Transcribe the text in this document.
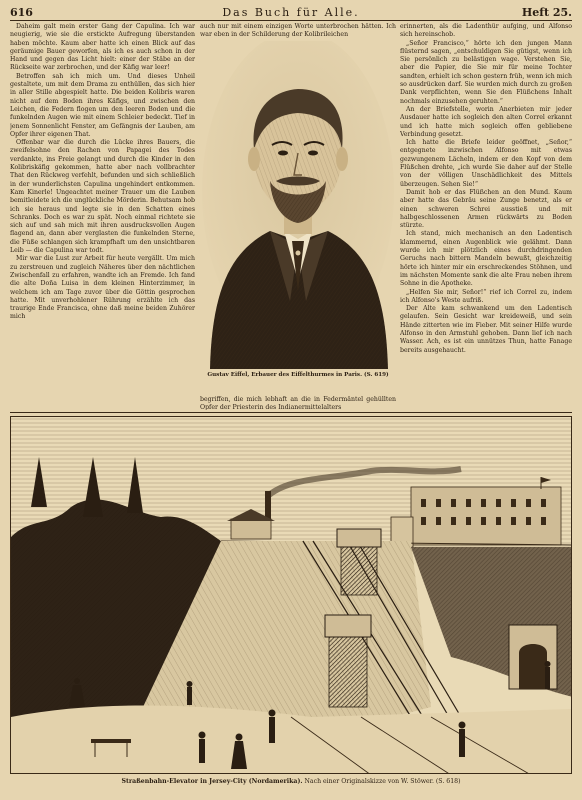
616	Das Buch für Alle.	Heft 25.

Daheim galt mein erster Gang der Capulina. Ich war neugierig, wie sie die erstickte Aufregung überstanden haben möchte. Kaum aber hatte ich einen Blick auf das geräumige Bauer geworfen, als ich es auch schon in der Hand und gegen das Licht hielt: einer der Stäbe an der Rückseite war zerbrochen, und der Käfig war leer!

Betroffen sah ich mich um. Und dieses Unheil gestaltete, um mit dem Drama zu enthüllen, das sich hier in aller Stille abgespielt hatte. Die beiden Kolibris waren nicht auf dem Boden ihres Käfigs, und zwischen den Leichen, die Federn flogen um den leeren Boden und die funkelnden Augen wie mit einem Schleier bedeckt. Tief in jenem Sonnenlicht Fenster, am Gefängnis der Lauben, am Opfer ihrer eigenen That.

Offenbar war die durch die Lücke ihres Bauers, die zweifelsohne den Rachen von Papagei des Todes verdankte, ins Freie gelangt und durch die Kinder in den Kolibriskäfig gekommen, hatte aber nach vollbrachter That den Rückweg verfehlt, befunden und sich schließlich in der wunderlichsten Capulina ungehindert entkommen. Kam Kinerle! Ungeachtet meiner Trauer um die Lauben bemitleidete ich die unglückliche Mörderin. Behutsam hob ich sie heraus und legte sie in den Schatten eines Schranks. Doch es war zu spät. Noch einmal richtete sie sich auf und sah mich mit ihren ausdrucksvollen Augen flagend an, dann aber verglasten die funkelnden Sterne, die Füße schlangen sich krampfhaft um den unsichtbaren Leib — die Capulina war todt.

Mir war die Lust zur Arbeit für heute vergällt. Um mich zu zerstreuen und zugleich Näheres über den nächtlichen Zwischenfall zu erfahren, wandte ich an Fremde. Ich fand die alte Doña Luisa in dem kleinen Hinterzimmer, in welchem ich am Tage zuvor über die Göttin gesprochen hatte. Mit unverhohlener Rührung erzählte ich das traurige Ende Francisca, ohne daß meine beiden Zuhörer mich

auch nur mit einem einzigen Worte unterbrochen hätten. Ich war eben in der Schilderung der Kolibrileichen

Gustav Eiffel, Erbauer des Eiffelthurmes in Paris. (S. 619)

begriffen, die mich lebhaft an die in Federmäntel gehüllten Opfer der Priesterin des Indianermittelalters

erinnerten, als die Ladenthür aufging, und Alfonso sich hereinschob.

„Señor Francisco,“ hörte ich den jungen Mann flüsternd sagen, „entschuldigen Sie gütigst, wenn ich Sie persönlich zu belästigen wage. Verstehen Sie, aber die Papier, die Sie mir für meine Tochter sandten, erhielt ich schon gestern früh, wenn ich mich so ausdrücken darf. Sie wurden mich durch zu großen Dank verpflichten, wenn Sie den Flüßchens Inhalt nochmals einzusehen geruhten.“

An der Briefstelle, worin Anerbieten mir jeder Ausdauer hatte ich sogleich den alten Correl erkannt und ich hatte mich sogleich offen gebliebene Verbindung gesetzt.

Ich hatte die Briefe leider geöffnet, „Señor,“ entgegnete inzwischen Alfonso mit etwas gezwungenem Lächeln, indem er den Kopf von dem Flüßchen drehte, „ich wurde Sie daher auf der Stelle von der völligen Unschädlichkeit des Mittels überzeugen. Sehen Sie!“

Damit hob er das Flüßchen an den Mund. Kaum aber hatte das Gebräu seine Zunge benetzt, als er einen schweren Schrei ausstieß und mit halbgeschlossenen Armen rückwärts zu Boden stürzte.

Ich stand, mich mechanisch an den Ladentisch klammernd, einen Augenblick wie gelähmt. Dann wurde ich mir plötzlich eines durchdringenden Geruchs nach bittern Mandeln bewußt, gleichzeitig hörte ich hinter mir ein erschreckendes Stöhnen, und im nächsten Momente sank die alte Frau neben ihrem Sohne in die Apotheke.

„Helfen Sie mir, Señor!“ rief ich Correl zu, indem ich Alfonso's Weste aufriß.

Der Alte kam schwankend um den Ladentisch gelaufen. Sein Gesicht war kreideweiß, und sein Hände zitterten wie im Fieber. Mit seiner Hilfe wurde Alfonso in den Armstuhl gehoben. Dann lief ich nach Wasser. Ach, es ist ein unnützes Thun, hatte Fanage bereits ausgehaucht.

Straßenbahn-Elevator in Jersey-City (Nordamerika). Nach einer Originalskizze von W. Stöwer. (S. 618)
